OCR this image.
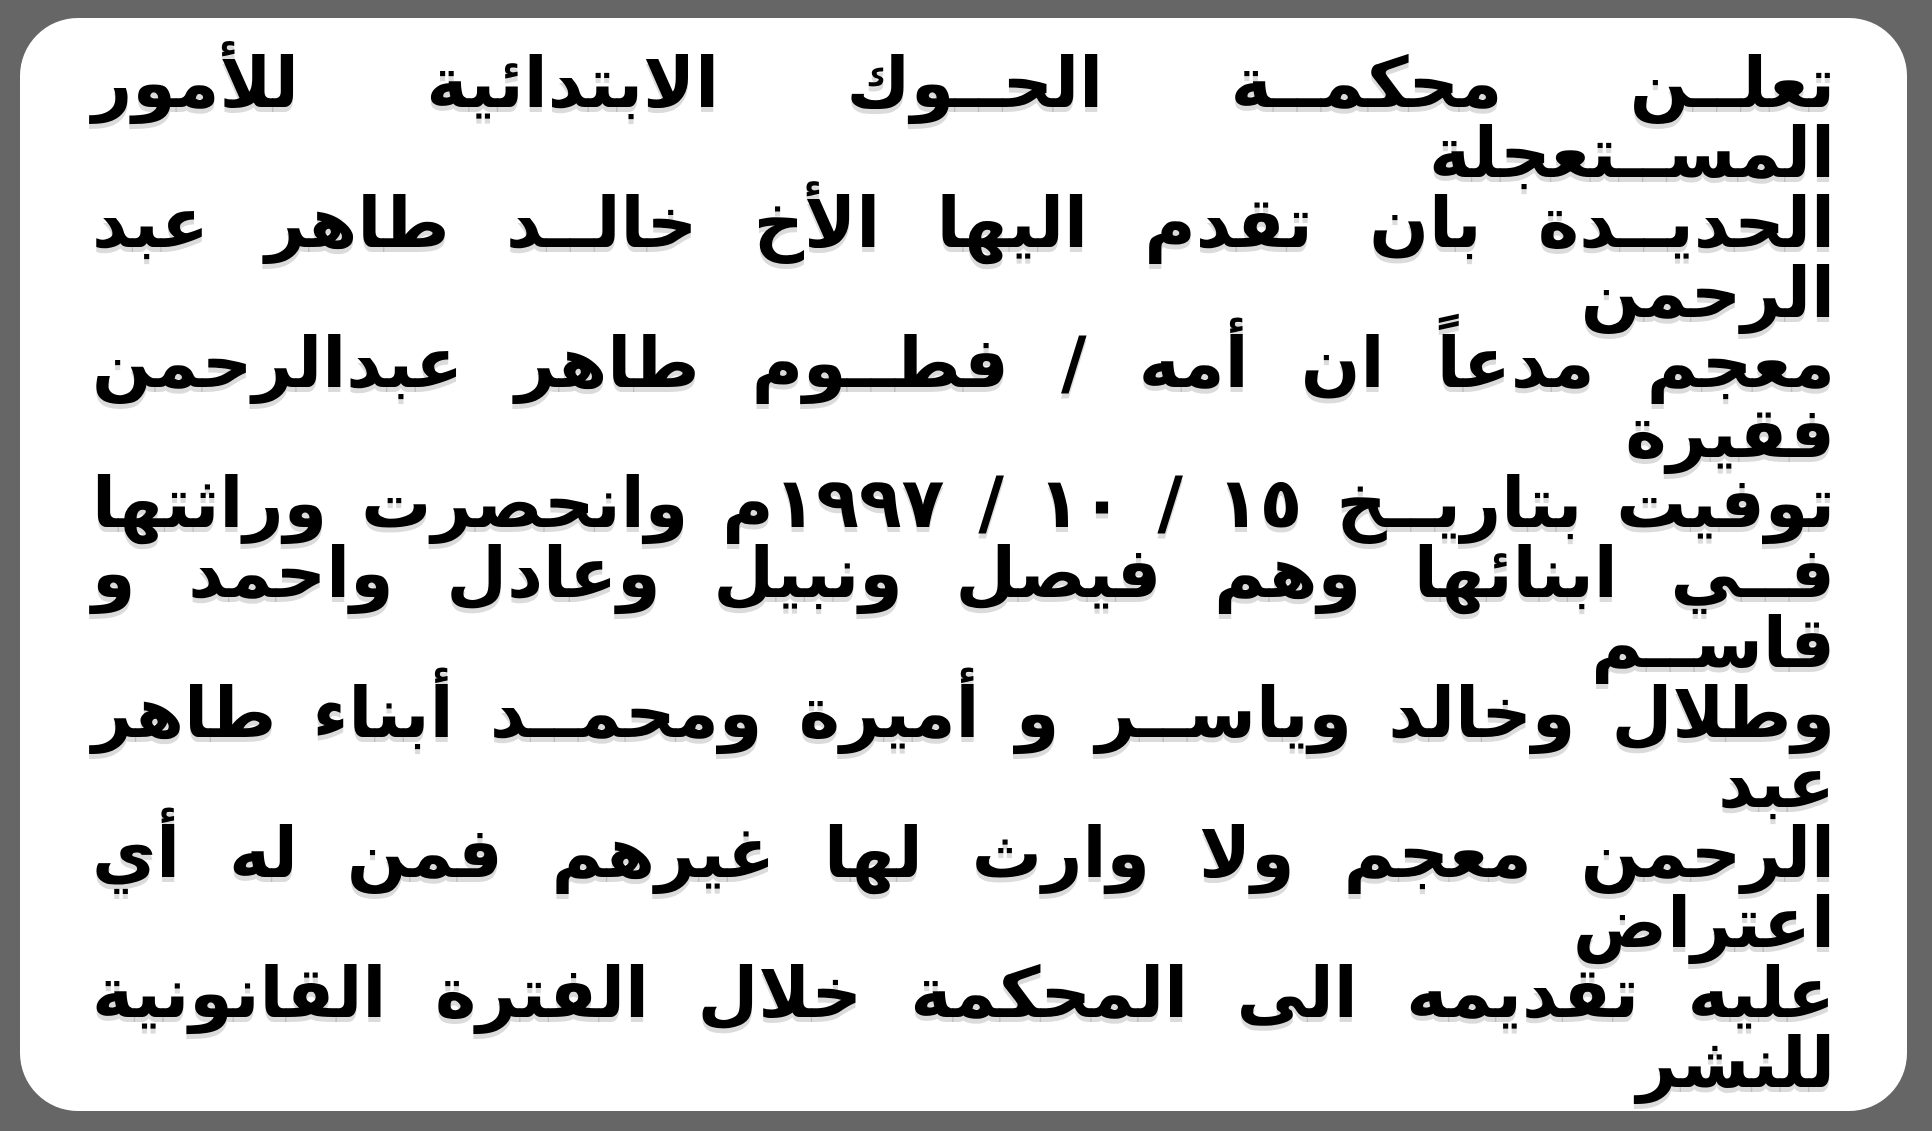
تعلــن محكمــة الحــوك الابتدائية للأمور المســتعجلة
الحديــدة بان تقدم اليها الأخ خالــد طاهر عبد الرحمن
معجم مدعاً ان أمه / فطــوم طاهر عبدالرحمن فقيرة
توفيت بتاريــخ ١٥ / ١٠ / ١٩٩٧م وانحصرت وراثتها
فــي ابنائها وهم فيصل ونبيل وعادل واحمد و قاســم
وطلال وخالد وياســر و أميرة ومحمــد أبناء طاهر عبد
الرحمن معجم ولا وارث لها غيرهم فمن له أي اعتراض
عليه تقديمه الى المحكمة خلال الفترة القانونية للنشر
